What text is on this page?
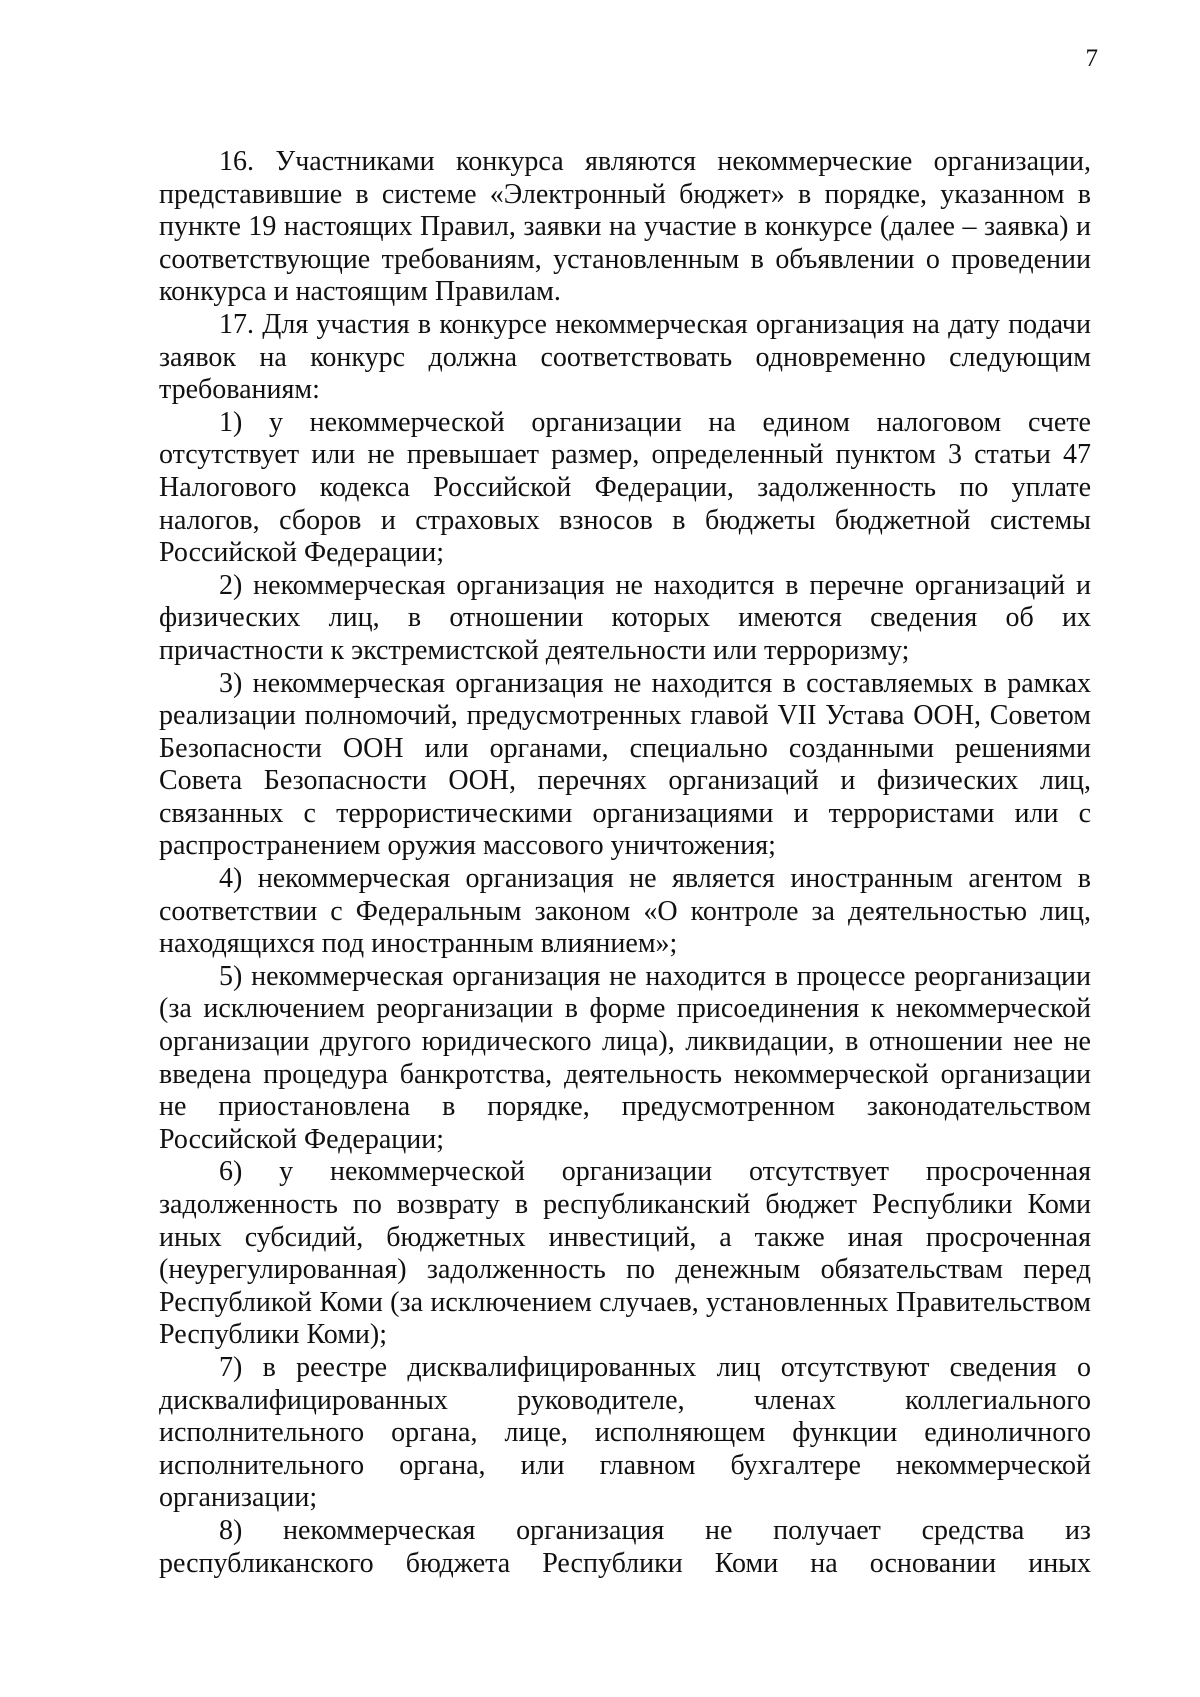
7

16. Участниками конкурса являются некоммерческие организации, представившие в системе «Электронный бюджет» в порядке, указанном в пункте 19 настоящих Правил, заявки на участие в конкурсе (далее – заявка) и соответствующие требованиям, установленным в объявлении о проведении конкурса и настоящим Правилам.

17. Для участия в конкурсе некоммерческая организация на дату подачи заявок на конкурс должна соответствовать одновременно следующим требованиям:

1) у некоммерческой организации на едином налоговом счете отсутствует или не превышает размер, определенный пунктом 3 статьи 47 Налогового кодекса Российской Федерации, задолженность по уплате налогов, сборов и страховых взносов в бюджеты бюджетной системы Российской Федерации;

2) некоммерческая организация не находится в перечне организаций и физических лиц, в отношении которых имеются сведения об их причастности к экстремистской деятельности или терроризму;

3) некоммерческая организация не находится в составляемых в рамках реализации полномочий, предусмотренных главой VII Устава ООН, Советом Безопасности ООН или органами, специально созданными решениями Совета Безопасности ООН, перечнях организаций и физических лиц, связанных с террористическими организациями и террористами или с распространением оружия массового уничтожения;

4) некоммерческая организация не является иностранным агентом в соответствии с Федеральным законом «О контроле за деятельностью лиц, находящихся под иностранным влиянием»;

5) некоммерческая организация не находится в процессе реорганизации (за исключением реорганизации в форме присоединения к некоммерческой организации другого юридического лица), ликвидации, в отношении нее не введена процедура банкротства, деятельность некоммерческой организации не приостановлена в порядке, предусмотренном законодательством Российской Федерации;

6) у некоммерческой организации отсутствует просроченная задолженность по возврату в республиканский бюджет Республики Коми иных субсидий, бюджетных инвестиций, а также иная просроченная (неурегулированная) задолженность по денежным обязательствам перед Республикой Коми (за исключением случаев, установленных Правительством Республики Коми);

7) в реестре дисквалифицированных лиц отсутствуют сведения о дисквалифицированных руководителе, членах коллегиального исполнительного органа, лице, исполняющем функции единоличного исполнительного органа, или главном бухгалтере некоммерческой организации;

8) некоммерческая организация не получает средства из республиканского бюджета Республики Коми на основании иных
